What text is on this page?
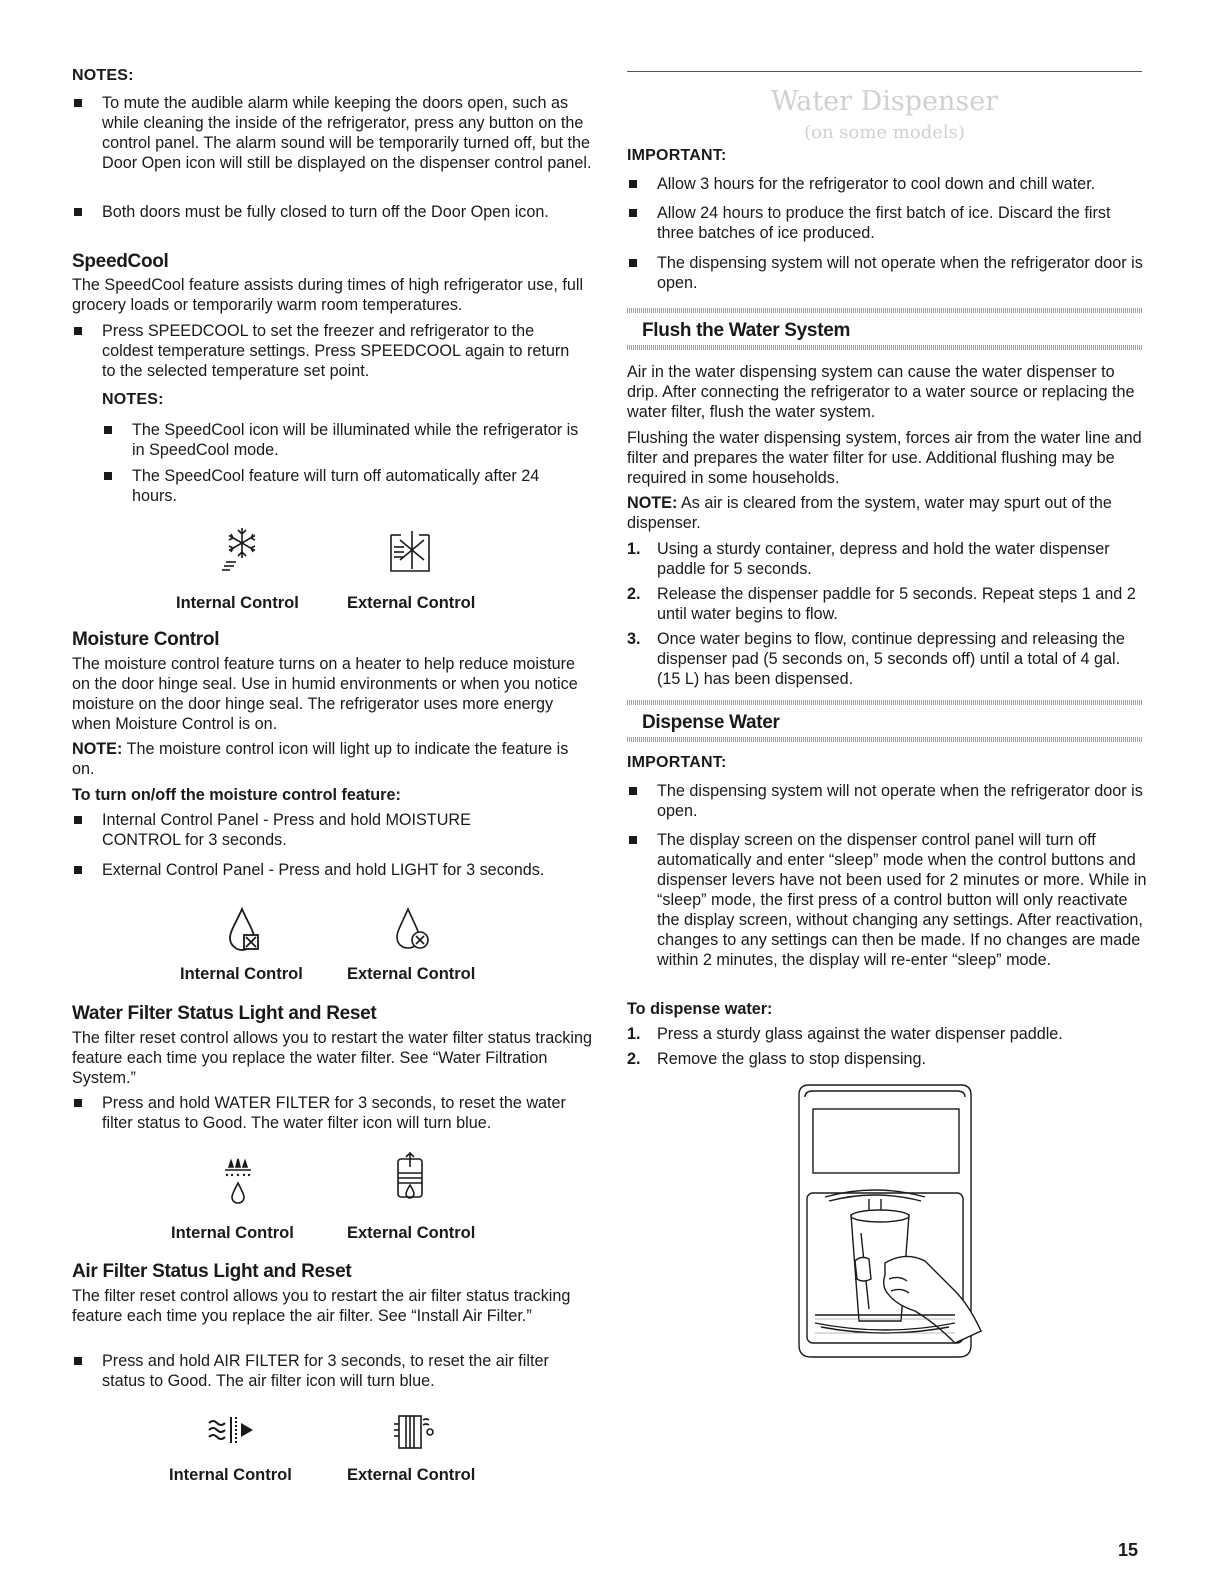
NOTES:
To mute the audible alarm while keeping the doors open, such as while cleaning the inside of the refrigerator, press any button on the control panel. The alarm sound will be temporarily turned off, but the Door Open icon will still be displayed on the dispenser control panel.
Both doors must be fully closed to turn off the Door Open icon.
SpeedCool
The SpeedCool feature assists during times of high refrigerator use, full grocery loads or temporarily warm room temperatures.
Press SPEEDCOOL to set the freezer and refrigerator to the coldest temperature settings. Press SPEEDCOOL again to return to the selected temperature set point.
NOTES:
The SpeedCool icon will be illuminated while the refrigerator is in SpeedCool mode.
The SpeedCool feature will turn off automatically after 24 hours.
Internal Control	External Control
Moisture Control
The moisture control feature turns on a heater to help reduce moisture on the door hinge seal. Use in humid environments or when you notice moisture on the door hinge seal. The refrigerator uses more energy when Moisture Control is on.
NOTE: The moisture control icon will light up to indicate the feature is on.
To turn on/off the moisture control feature:
Internal Control Panel - Press and hold MOISTURE CONTROL for 3 seconds.
External Control Panel - Press and hold LIGHT for 3 seconds.
Internal Control	External Control
Water Filter Status Light and Reset
The filter reset control allows you to restart the water filter status tracking feature each time you replace the water filter. See “Water Filtration System.”
Press and hold WATER FILTER for 3 seconds, to reset the water filter status to Good. The water filter icon will turn blue.
Internal Control	External Control
Air Filter Status Light and Reset
The filter reset control allows you to restart the air filter status tracking feature each time you replace the air filter. See “Install Air Filter.”
Press and hold AIR FILTER for 3 seconds, to reset the air filter status to Good. The air filter icon will turn blue.
Internal Control	External Control
Water Dispenser
(on some models)
IMPORTANT:
Allow 3 hours for the refrigerator to cool down and chill water.
Allow 24 hours to produce the first batch of ice. Discard the first three batches of ice produced.
The dispensing system will not operate when the refrigerator door is open.
Flush the Water System
Air in the water dispensing system can cause the water dispenser to drip. After connecting the refrigerator to a water source or replacing the water filter, flush the water system.
Flushing the water dispensing system, forces air from the water line and filter and prepares the water filter for use. Additional flushing may be required in some households.
NOTE: As air is cleared from the system, water may spurt out of the dispenser.
1. Using a sturdy container, depress and hold the water dispenser paddle for 5 seconds.
2. Release the dispenser paddle for 5 seconds. Repeat steps 1 and 2 until water begins to flow.
3. Once water begins to flow, continue depressing and releasing the dispenser pad (5 seconds on, 5 seconds off) until a total of 4 gal. (15 L) has been dispensed.
Dispense Water
IMPORTANT:
The dispensing system will not operate when the refrigerator door is open.
The display screen on the dispenser control panel will turn off automatically and enter “sleep” mode when the control buttons and dispenser levers have not been used for 2 minutes or more. While in “sleep” mode, the first press of a control button will only reactivate the display screen, without changing any settings. After reactivation, changes to any settings can then be made. If no changes are made within 2 minutes, the display will re-enter “sleep” mode.
To dispense water:
1. Press a sturdy glass against the water dispenser paddle.
2. Remove the glass to stop dispensing.
15
